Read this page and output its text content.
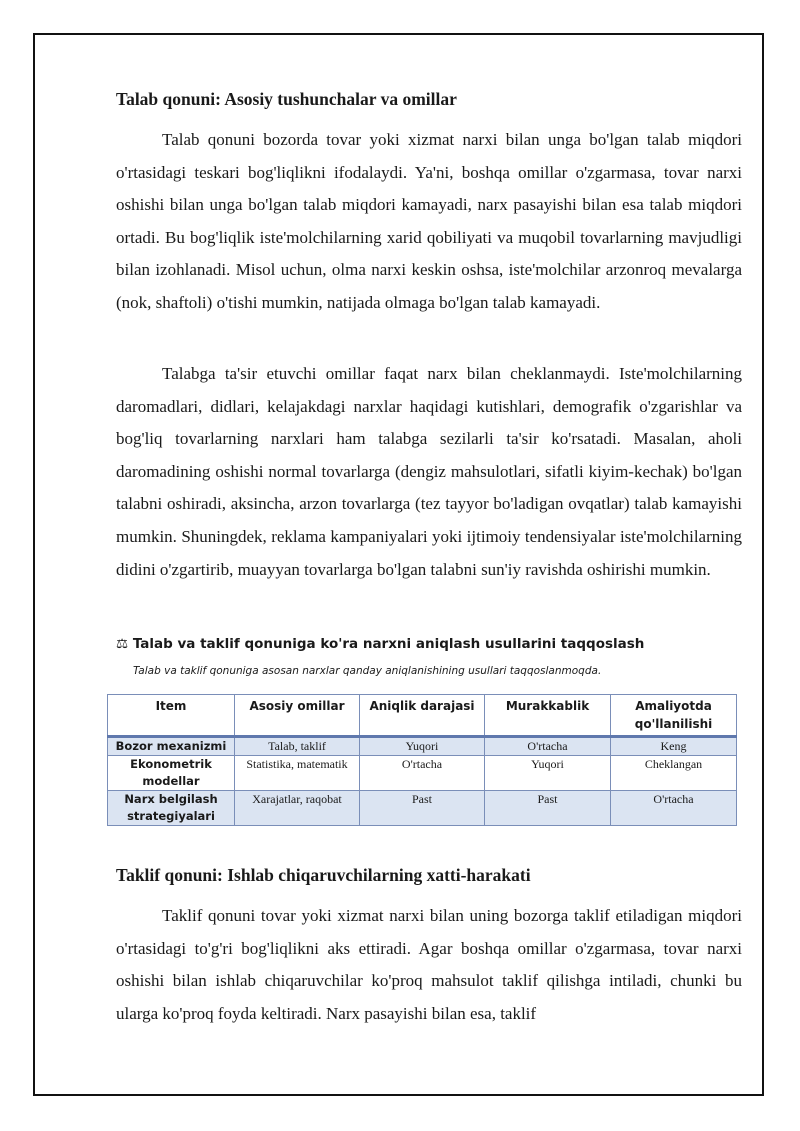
Talab qonuni: Asosiy tushunchalar va omillar

Talab qonuni bozorda tovar yoki xizmat narxi bilan unga bo'lgan talab miqdori o'rtasidagi teskari bog'liqlikni ifodalaydi. Ya'ni, boshqa omillar o'zgarmasa, tovar narxi oshishi bilan unga bo'lgan talab miqdori kamayadi, narx pasayishi bilan esa talab miqdori ortadi. Bu bog'liqlik iste'molchilarning xarid qobiliyati va muqobil tovarlarning mavjudligi bilan izohlanadi. Misol uchun, olma narxi keskin oshsa, iste'molchilar arzonroq mevalarga (nok, shaftoli) o'tishi mumkin, natijada olmaga bo'lgan talab kamayadi.

Talabga ta'sir etuvchi omillar faqat narx bilan cheklanmaydi. Iste'molchilarning daromadlari, didlari, kelajakdagi narxlar haqidagi kutishlari, demografik o'zgarishlar va bog'liq tovarlarning narxlari ham talabga sezilarli ta'sir ko'rsatadi. Masalan, aholi daromadining oshishi normal tovarlarga (dengiz mahsulotlari, sifatli kiyim-kechak) bo'lgan talabni oshiradi, aksincha, arzon tovarlarga (tez tayyor bo'ladigan ovqatlar) talab kamayishi mumkin. Shuningdek, reklama kampaniyalari yoki ijtimoiy tendensiyalar iste'molchilarning didini o'zgartirib, muayyan tovarlarga bo'lgan talabni sun'iy ravishda oshirishi mumkin.

⚖ Talab va taklif qonuniga ko'ra narxni aniqlash usullarini taqqoslash
Talab va taklif qonuniga asosan narxlar qanday aniqlanishining usullari taqqoslanmoqda.
Taklif qonuni: Ishlab chiqaruvchilarning xatti-harakati

Taklif qonuni tovar yoki xizmat narxi bilan uning bozorga taklif etiladigan miqdori o'rtasidagi to'g'ri bog'liqlikni aks ettiradi. Agar boshqa omillar o'zgarmasa, tovar narxi oshishi bilan ishlab chiqaruvchilar ko'proq mahsulot taklif qilishga intiladi, chunki bu ularga ko'proq foyda keltiradi. Narx pasayishi bilan esa, taklif

Item	Asosiy omillar	Aniqlik darajasi	Murakkablik	Amaliyotda qo'llanilishi
Bozor mexanizmi	Talab, taklif	Yuqori	O'rtacha	Keng
Ekonometrik modellar	Statistika, matematik	O'rtacha	Yuqori	Cheklangan
Narx belgilash strategiyalari	Xarajatlar, raqobat	Past	Past	O'rtacha
